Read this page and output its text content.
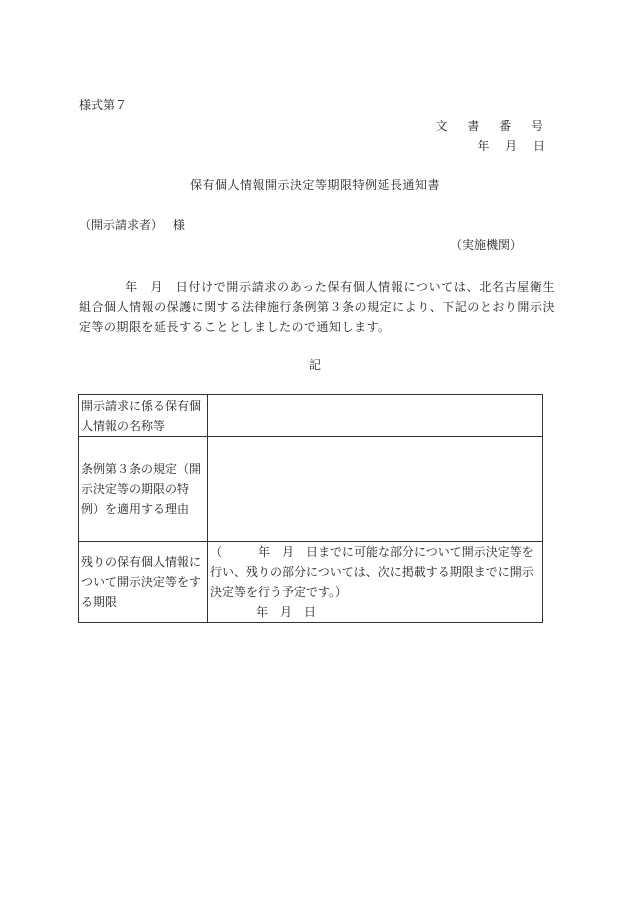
様式第７
文 書 番 号
年 月 日
保有個人情報開示決定等期限特例延長通知書
（開示請求者）　 様
（実施機関）
年　月　日付けで開示請求のあった保有個人情報については、北名古屋衛生組合個人情報の保護に関する法律施行条例第３条の規定により、下記のとおり開示決定等の期限を延長することとしましたので通知します。
記
開示請求に係る保有個人情報の名称等	
条例第３条の規定（開示決定等の期限の特例）を適用する理由	
残りの保有個人情報について開示決定等をする期限	（　　　年　月　日までに可能な部分について開示決定等を行い、残りの部分については、次に掲載する期限までに開示決定等を行う予定です。）
年　月　日
